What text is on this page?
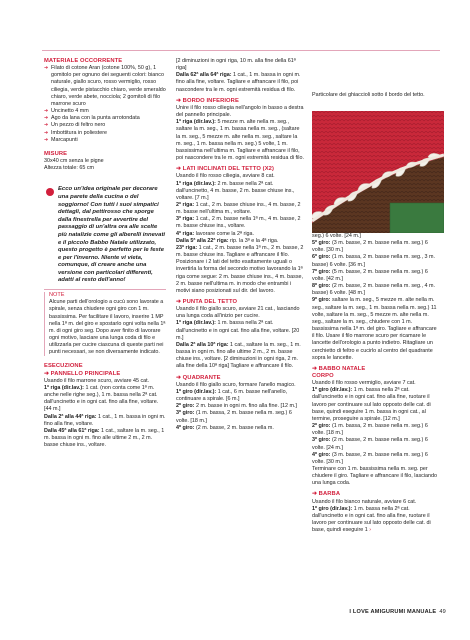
MATERIALE OCCORRENTE

➜ Filato di cotone Aran (cotone 100%, 50 g), 1 gomitolo per ognuno dei seguenti colori: bianco naturale, giallo scuro, rosso vermiglio, rosso ciliegia, verde pistacchio chiaro, verde smeraldo chiaro, verde abete, nocciola; 2 gomitoli di filo marrone scuro
➜ Uncinetto 4 mm
➜ Ago da lana con la punta arrotondata
➜ Un pezzo di feltro nero
➜ Imbottitura in poliestere
➜ Marcapunti

MISURE

30x40 cm senza le pigne

Altezza totale: 65 cm

Ecco un'idea originale per decorare una parete della cucina o del soggiorno! Con tutti i suoi simpatici dettagli, dal pettirosso che sporge dalla finestrella per avvertire del passaggio di un'altra ora alle scelte più natalizie come gli alberelli innevati e il piccolo Babbo Natale utilizzato, questo progetto è perfetto per le feste e per l'inverno. Niente vi vieta, comunque, di creare anche una versione con particolari differenti, adatti al resto dell'anno!

NOTE

Alcune parti dell'orologio a cucù sono lavorate a spirale, senza chiudere ogni giro con 1 m. bassissima. Per facilitare il lavoro, inserire 1 MP nella 1ª m. del giro e spostarlo ogni volta nella 1ª m. di ogni giro seg. Dopo aver finito di lavorare ogni motivo, lasciare una lunga coda di filo e utilizzarla per cucire ciascuna di queste parti nei punti necessari, se non diversamente indicato.

ESECUZIONE

➜ PANNELLO PRINCIPALE

Usando il filo marrone scuro, avviare 45 cat.

1ª riga (dir.lav.): 1 cat. (non conta come 1ª m. anche nelle righe seg.), 1 m. bassa nella 2ª cat. dall'uncinetto e in ogni cat. fino alla fine, voltare. [44 m.]

Dalla 2ª alla 44ª riga: 1 cat., 1 m. bassa in ogni m. fino alla fine, voltare.

Dalla 45ª alla 61ª riga: 1 cat., saltare la m. seg., 1 m. bassa in ogni m. fino alle ultime 2 m., 2 m. basse chiuse ins., voltare.

[2 diminuzioni in ogni riga, 10 m. alla fine della 61ª riga]

Dalla 62ª alla 64ª riga: 1 cat., 1 m. bassa in ogni m. fino alla fine, voltare. Tagliare e affrancare il filo, poi nascondere tra le m. ogni estremità residua di filo.

➜ BORDO INFERIORE

Unire il filo rosso ciliegia nell'angolo in basso a destra del pannello principale.

1ª riga (dir.lav.): 5 mezze m. alte nella m. seg., saltare la m. seg., 1 m. bassa nella m. seg., (saltare la m. seg., 5 mezze m. alte nella m. seg., saltare la m. seg., 1 m. bassa nella m. seg.) 5 volte, 1 m. bassissima nell'ultima m. Tagliare e affrancare il filo, poi nascondere tra le m. ogni estremità residua di filo.

➜ LATI INCLINATI DEL TETTO (X2)

Usando il filo rosso ciliegia, avviare 8 cat.

1ª riga (dir.lav.): 2 m. basse nella 2ª cat. dall'uncinetto, 4 m. basse, 2 m. basse chiuse ins., voltare. [7 m.]

2ª riga: 1 cat., 2 m. basse chiuse ins., 4 m. basse, 2 m. basse nell'ultima m., voltare.

3ª riga: 1 cat., 2 m. basse nella 1ª m., 4 m. basse, 2 m. basse chiuse ins., voltare.

4ª riga: lavorare come la 2ª riga.

Dalla 5ª alla 22ª riga: rip. la 3ª e la 4ª riga.

23ª riga: 1 cat., 2 m. basse nella 1ª m., 2 m. basse, 2 m. basse chiuse ins. Tagliare e affrancare il filo. Posizionare i 2 lati del tetto esattamente uguali o invertirla la forma del secondo motivo lavorando la 1ª riga come segue: 2 m. basse chiuse ins., 4 m. basse, 2 m. basse nell'ultima m. in modo che entrambi i motivi siano posizionati sul dir. del lavoro.

➜ PUNTA DEL TETTO

Usando il filo giallo scuro, avviare 21 cat., lasciando una lunga coda all'inizio per cucire.

1ª riga (dir.lav.): 1 m. bassa nella 2ª cat. dall'uncinetto e in ogni cat. fino alla fine, voltare. [20 m.]

Dalla 2ª alla 10ª riga: 1 cat., saltare la m. seg., 1 m. bassa in ogni m. fino alle ultime 2 m., 2 m. basse chiuse ins., voltare. [2 diminuzioni in ogni riga, 2 m. alla fine della 10ª riga] Tagliare e affrancare il filo.

➜ QUADRANTE

Usando il filo giallo scuro, formare l'anello magico.

1º giro (dir.lav.): 1 cat., 6 m. basse nell'anello, continuare a spirale. [6 m.]

2º giro: 2 m. basse in ogni m. fino alla fine. [12 m.]

3º giro: (1 m. bassa, 2 m. basse nella m. seg.) 6 volte. [18 m.]

4º giro: (2 m. basse, 2 m. basse nella m.

Particolare dei ghiaccioli sotto il bordo del tetto.

seg.) 6 volte. [24 m.]

5º giro: (3 m. basse, 2 m. basse nella m. seg.) 6 volte. [30 m.]

6º giro: (1 m. bassa, 2 m. basse nella m. seg., 3 m. basse) 6 volte. [36 m.]

7º giro: (5 m. basse, 2 m. basse nella m. seg.) 6 volte. [42 m.]

8º giro: (2 m. basse, 2 m. basse nella m. seg., 4 m. basse) 6 volte. [48 m.]

9º giro: saltare la m. seg., 5 mezze m. alte nella m. seg., saltare la m. seg., 1 m. bassa nella m. seg.) 11 volte, saltare la m. seg., 5 mezze m. alte nella m. seg., saltare la m. seg., chiudere con 1 m. bassissima nella 1ª m. del giro. Tagliare e affrancare il filo. Usare il filo marrone scuro per ricamare le lancette dell'orologio a punto indietro. Ritagliare un cerchietto di feltro e cucirlo al centro del quadrante sopra le lancette.

➜ BABBO NATALE

CORPO

Usando il filo rosso vermiglio, avviare 7 cat.

1º giro (dir.lav.): 1 m. bassa nella 2ª cat. dall'uncinetto e in ogni cat. fino alla fine, ruotare il lavoro per continuare sul lato opposto delle cat. di base, quindi eseguire 1 m. bassa in ogni cat., al termine, proseguire a spirale. [12 m.]

2º giro: (1 m. bassa, 2 m. basse nella m. seg.) 6 volte. [18 m.]

3º giro: (2 m. basse, 2 m. basse nella m. seg.) 6 volte. [24 m.]

4º giro: (3 m. basse, 2 m. basse nella m. seg.) 6 volte. [30 m.]

Terminare con 1 m. bassissima nella m. seg. per chiudere il giro. Tagliare e affrancare il filo, lasciando una lunga coda.

➜ BARBA

Usando il filo bianco naturale, avviare 6 cat.

1º giro (dir.lav.): 1 m. bassa nella 2ª cat. dall'uncinetto e in ogni cat. fino alla fine, ruotare il lavoro per continuare sul lato opposto delle cat. di base, quindi eseguire 1 ›

I LOVE AMIGURUMI MANUALE 49
